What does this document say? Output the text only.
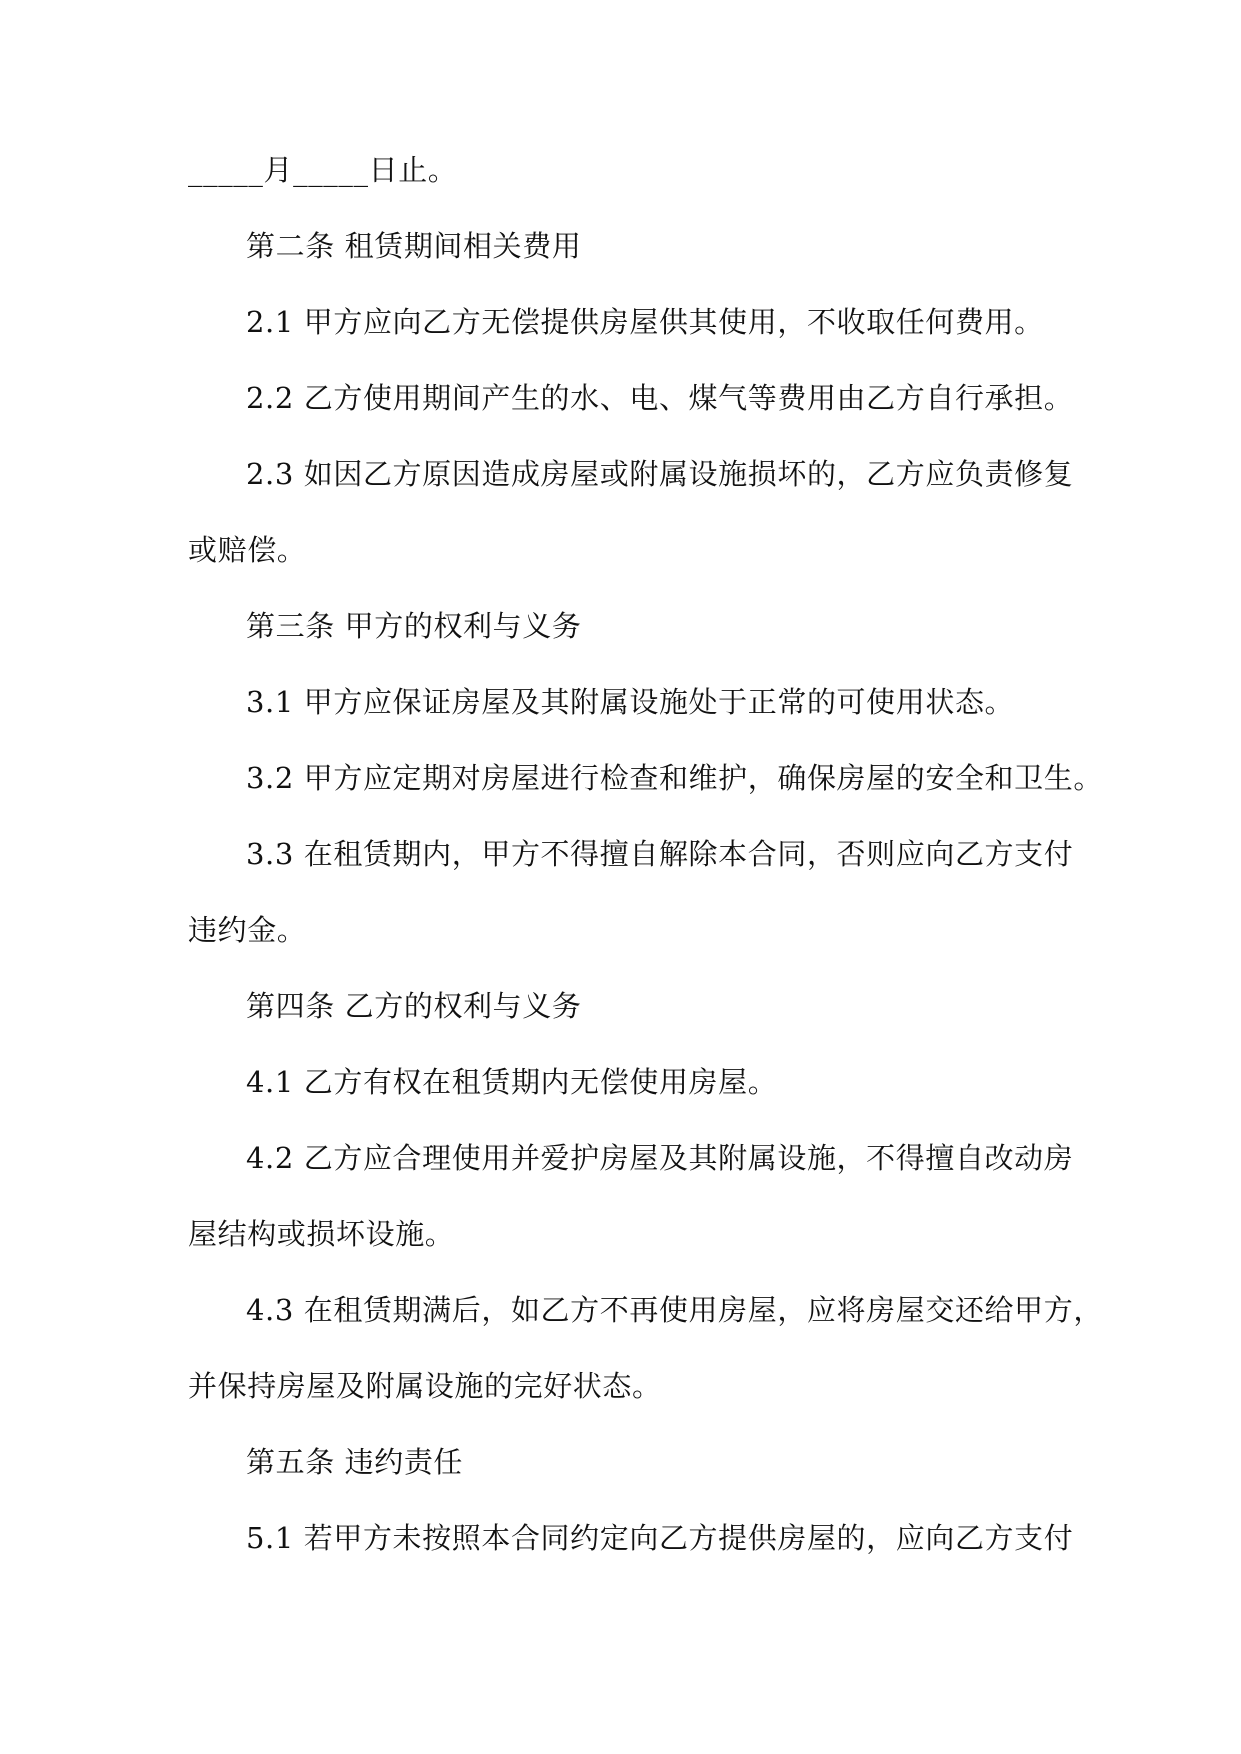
_____月_____日止。
第二条 租赁期间相关费用
2.1 甲方应向乙方无偿提供房屋供其使用，不收取任何费用。
2.2 乙方使用期间产生的水、电、煤气等费用由乙方自行承担。
2.3 如因乙方原因造成房屋或附属设施损坏的，乙方应负责修复
或赔偿。
第三条 甲方的权利与义务
3.1 甲方应保证房屋及其附属设施处于正常的可使用状态。
3.2 甲方应定期对房屋进行检查和维护，确保房屋的安全和卫生。
3.3 在租赁期内，甲方不得擅自解除本合同，否则应向乙方支付
违约金。
第四条 乙方的权利与义务
4.1 乙方有权在租赁期内无偿使用房屋。
4.2 乙方应合理使用并爱护房屋及其附属设施，不得擅自改动房
屋结构或损坏设施。
4.3 在租赁期满后，如乙方不再使用房屋，应将房屋交还给甲方，
并保持房屋及附属设施的完好状态。
第五条 违约责任
5.1 若甲方未按照本合同约定向乙方提供房屋的，应向乙方支付
